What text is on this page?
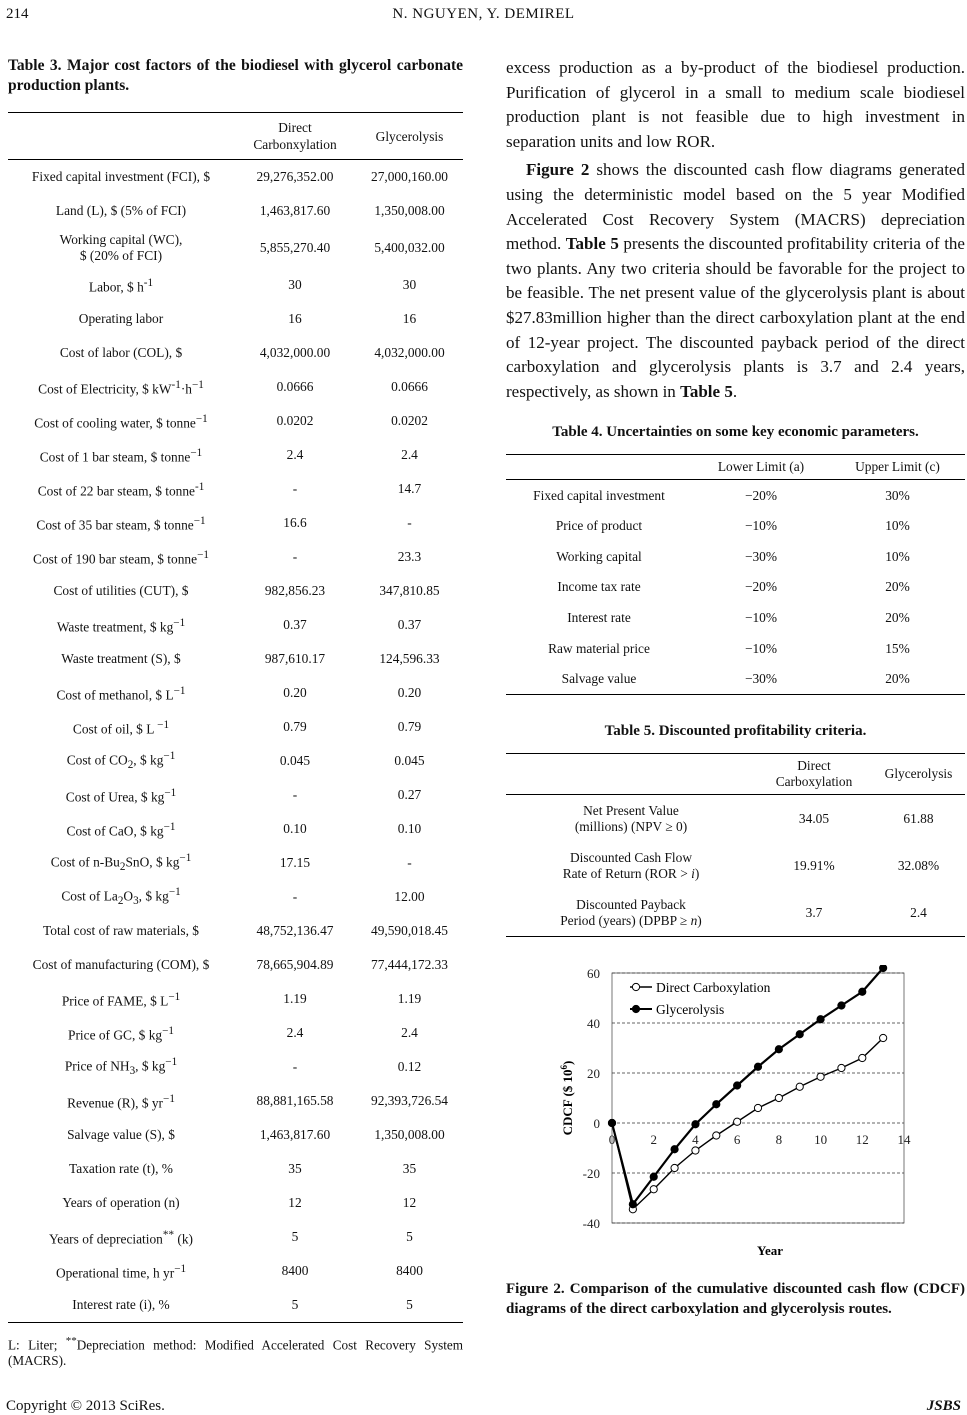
214	N. NGUYEN, Y. DEMIREL
Table 3. Major cost factors of the biodiesel with glycerol carbonate production plants.
	Direct
Carbonxylation	Glycerolysis
Fixed capital investment (FCI), $	29,276,352.00	27,000,160.00
Land (L), $ (5% of FCI)	1,463,817.60	1,350,008.00
Working capital (WC),
$ (20% of FCI)	5,855,270.40	5,400,032.00
Labor, $ $h^{-1}$	30	30
Operating labor	16	16
Cost of labor (COL), $	4,032,000.00	4,032,000.00
Cost of Electricity, $ $kW^{-1}\cdot h^{-1}$	0.0666	0.0666
Cost of cooling water, $ tonne$^{-1}$	0.0202	0.0202
Cost of 1 bar steam, $ tonne$^{-1}$	2.4	2.4
Cost of 22 bar steam, $ tonne$^{-1}$	-	14.7
Cost of 35 bar steam, $ tonne$^{-1}$	16.6	-
Cost of 190 bar steam, $ tonne$^{-1}$	-	23.3
Cost of utilities (CUT), $	982,856.23	347,810.85
Waste treatment, $ $kg^{-1}$	0.37	0.37
Waste treatment (S), $	987,610.17	124,596.33
Cost of methanol, $ $L^{-1}$	0.20	0.20
Cost of oil, $ L $^{-1}$	0.79	0.79
Cost of $CO_2$, $ $kg^{-1}$	0.045	0.045
Cost of Urea, $ $kg^{-1}$	-	0.27
Cost of CaO, $ $kg^{-1}$	0.10	0.10
Cost of $n-Bu_2SnO$, $ $kg^{-1}$	17.15	-
Cost of $La_2O_3$, $ $kg^{-1}$	-	12.00
Total cost of raw materials, $	48,752,136.47	49,590,018.45
Cost of manufacturing (COM), $	78,665,904.89	77,444,172.33
Price of FAME, $ $L^{-1}$	1.19	1.19
Price of GC, $ $kg^{-1}$	2.4	2.4
Price of $NH_3$, $ $kg^{-1}$	-	0.12
Revenue (R), $ $yr^{-1}$	88,881,165.58	92,393,726.54
Salvage value (S), $	1,463,817.60	1,350,008.00
Taxation rate (t), %	35	35
Years of operation (n)	12	12
Years of depreciation** (k)	5	5
Operational time, h $yr^{-1}$	8400	8400
Interest rate (i), %	5	5
L: Liter; **Depreciation method: Modified Accelerated Cost Recovery System (MACRS).

excess production as a by-product of the biodiesel production. Purification of glycerol in a small to medium scale biodiesel production plant is not feasible due to high investment in separation units and low ROR.

Figure 2 shows the discounted cash flow diagrams generated using the deterministic model based on the 5 year Modified Accelerated Cost Recovery System (MACRS) depreciation method. Table 5 presents the discounted profitability criteria of the two plants. Any two criteria should be favorable for the project to be feasible. The net present value of the glycerolysis plant is about $27.83million higher than the direct carboxylation plant at the end of 12-year project. The discounted payback period of the direct carboxylation and glycerolysis plants is 3.7 and 2.4 years, respectively, as shown in Table 5.

Table 4. Uncertainties on some key economic parameters.
	Lower Limit (a)	Upper Limit (c)
Fixed capital investment	−20%	30%
Price of product	−10%	10%
Working capital	−30%	10%
Income tax rate	−20%	20%
Interest rate	−10%	20%
Raw material price	−10%	15%
Salvage value	−30%	20%
Table 5. Discounted profitability criteria.
	Direct
Carboxylation	Glycerolysis
Net Present Value
(millions) (NPV ≥ 0)	34.05	61.88
Discounted Cash Flow
Rate of Return (ROR > i)	19.91%	32.08%
Discounted Payback
Period (years) (DPBP ≥ n)	3.7	2.4
-40
-20
0
20
40
60
0	2	4	6	8 10 12 14
Year
CDCF ($ $10^6$)
Direct Carboxylation
Glycerolysis
Figure 2. Comparison of the cumulative discounted cash flow (CDCF) diagrams of the direct carboxylation and glycerolysis routes.
Copyright © 2013 SciRes.	JSBS
